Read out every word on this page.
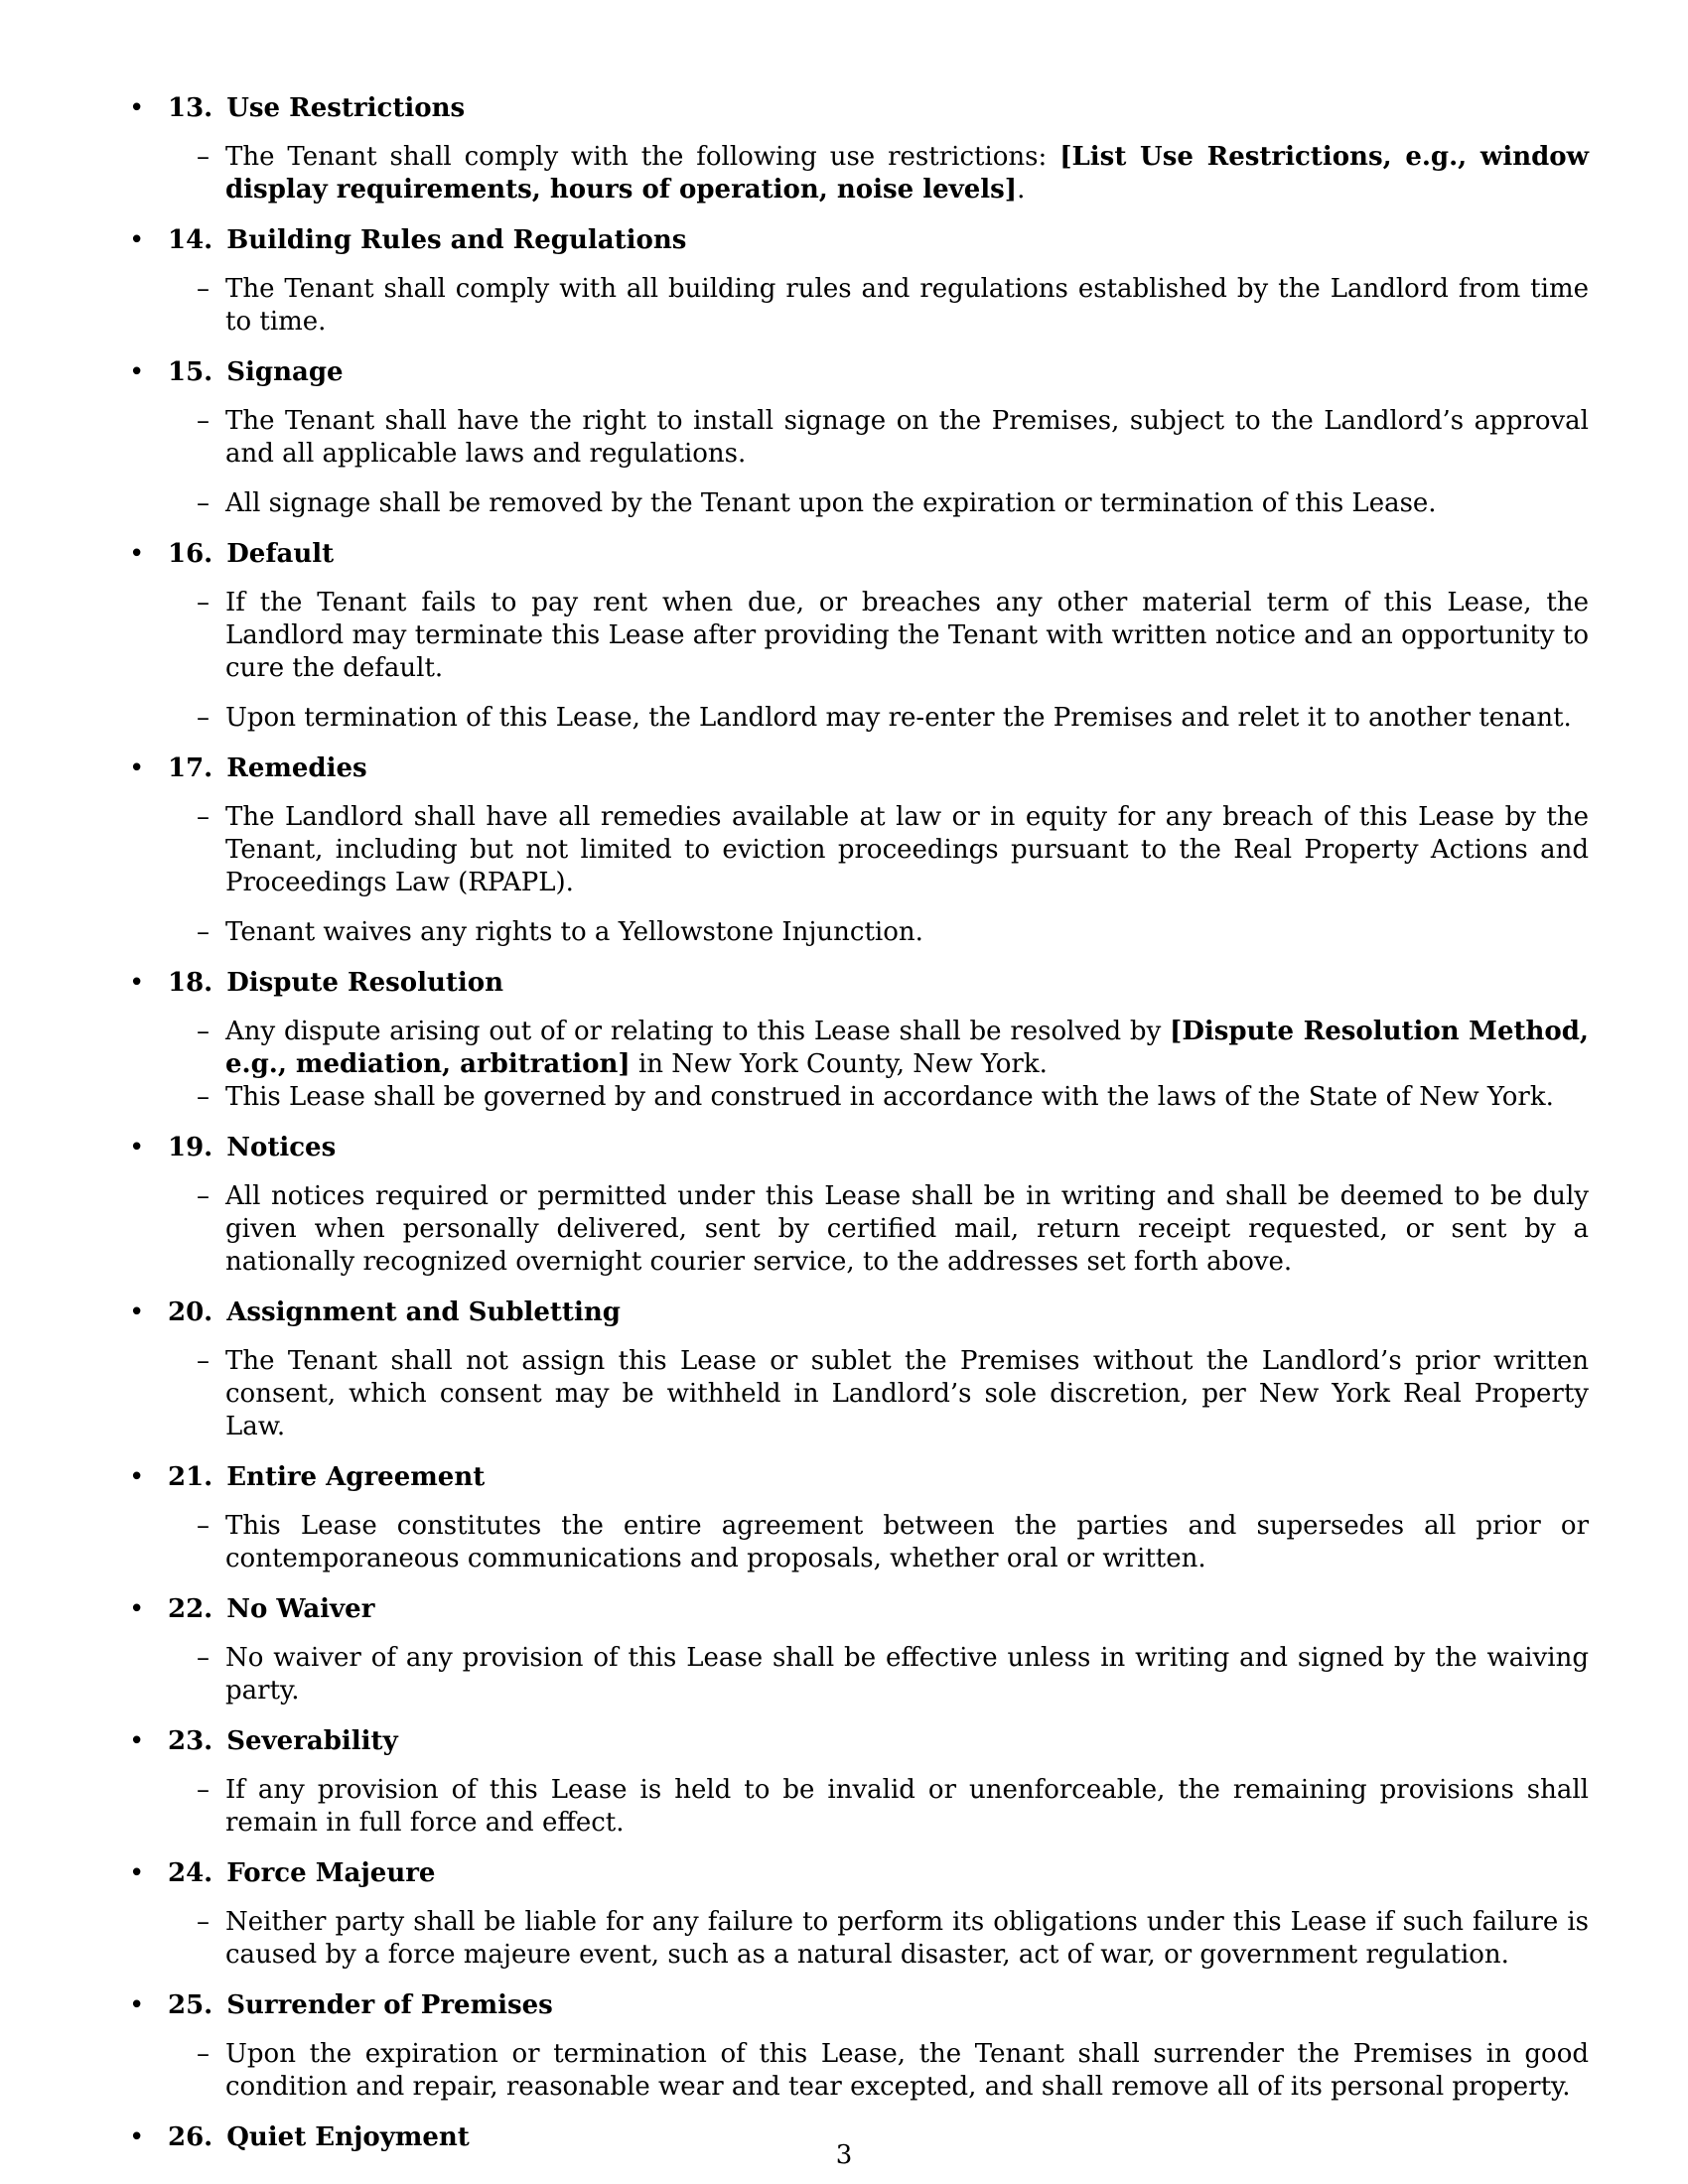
• 13. Use Restrictions
– The Tenant shall comply with the following use restrictions: [List Use Restrictions, e.g., window display requirements, hours of operation, noise levels].
• 14. Building Rules and Regulations
– The Tenant shall comply with all building rules and regulations established by the Landlord from time to time.
• 15. Signage
– The Tenant shall have the right to install signage on the Premises, subject to the Landlord’s approval and all applicable laws and regulations.
– All signage shall be removed by the Tenant upon the expiration or termination of this Lease.
• 16. Default
– If the Tenant fails to pay rent when due, or breaches any other material term of this Lease, the Landlord may terminate this Lease after providing the Tenant with written notice and an opportunity to cure the default.
– Upon termination of this Lease, the Landlord may re-enter the Premises and relet it to another tenant.
• 17. Remedies
– The Landlord shall have all remedies available at law or in equity for any breach of this Lease by the Tenant, including but not limited to eviction proceedings pursuant to the Real Property Actions and Proceedings Law (RPAPL).
– Tenant waives any rights to a Yellowstone Injunction.
• 18. Dispute Resolution
– Any dispute arising out of or relating to this Lease shall be resolved by [Dispute Resolution Method, e.g., mediation, arbitration] in New York County, New York.
– This Lease shall be governed by and construed in accordance with the laws of the State of New York.
• 19. Notices
– All notices required or permitted under this Lease shall be in writing and shall be deemed to be duly given when personally delivered, sent by certified mail, return receipt requested, or sent by a nationally recognized overnight courier service, to the addresses set forth above.
• 20. Assignment and Subletting
– The Tenant shall not assign this Lease or sublet the Premises without the Landlord’s prior written consent, which consent may be withheld in Landlord’s sole discretion, per New York Real Property Law.
• 21. Entire Agreement
– This Lease constitutes the entire agreement between the parties and supersedes all prior or contemporaneous communications and proposals, whether oral or written.
• 22. No Waiver
– No waiver of any provision of this Lease shall be effective unless in writing and signed by the waiving party.
• 23. Severability
– If any provision of this Lease is held to be invalid or unenforceable, the remaining provisions shall remain in full force and effect.
• 24. Force Majeure
– Neither party shall be liable for any failure to perform its obligations under this Lease if such failure is caused by a force majeure event, such as a natural disaster, act of war, or government regulation.
• 25. Surrender of Premises
– Upon the expiration or termination of this Lease, the Tenant shall surrender the Premises in good condition and repair, reasonable wear and tear excepted, and shall remove all of its personal property.
• 26. Quiet Enjoyment
3
